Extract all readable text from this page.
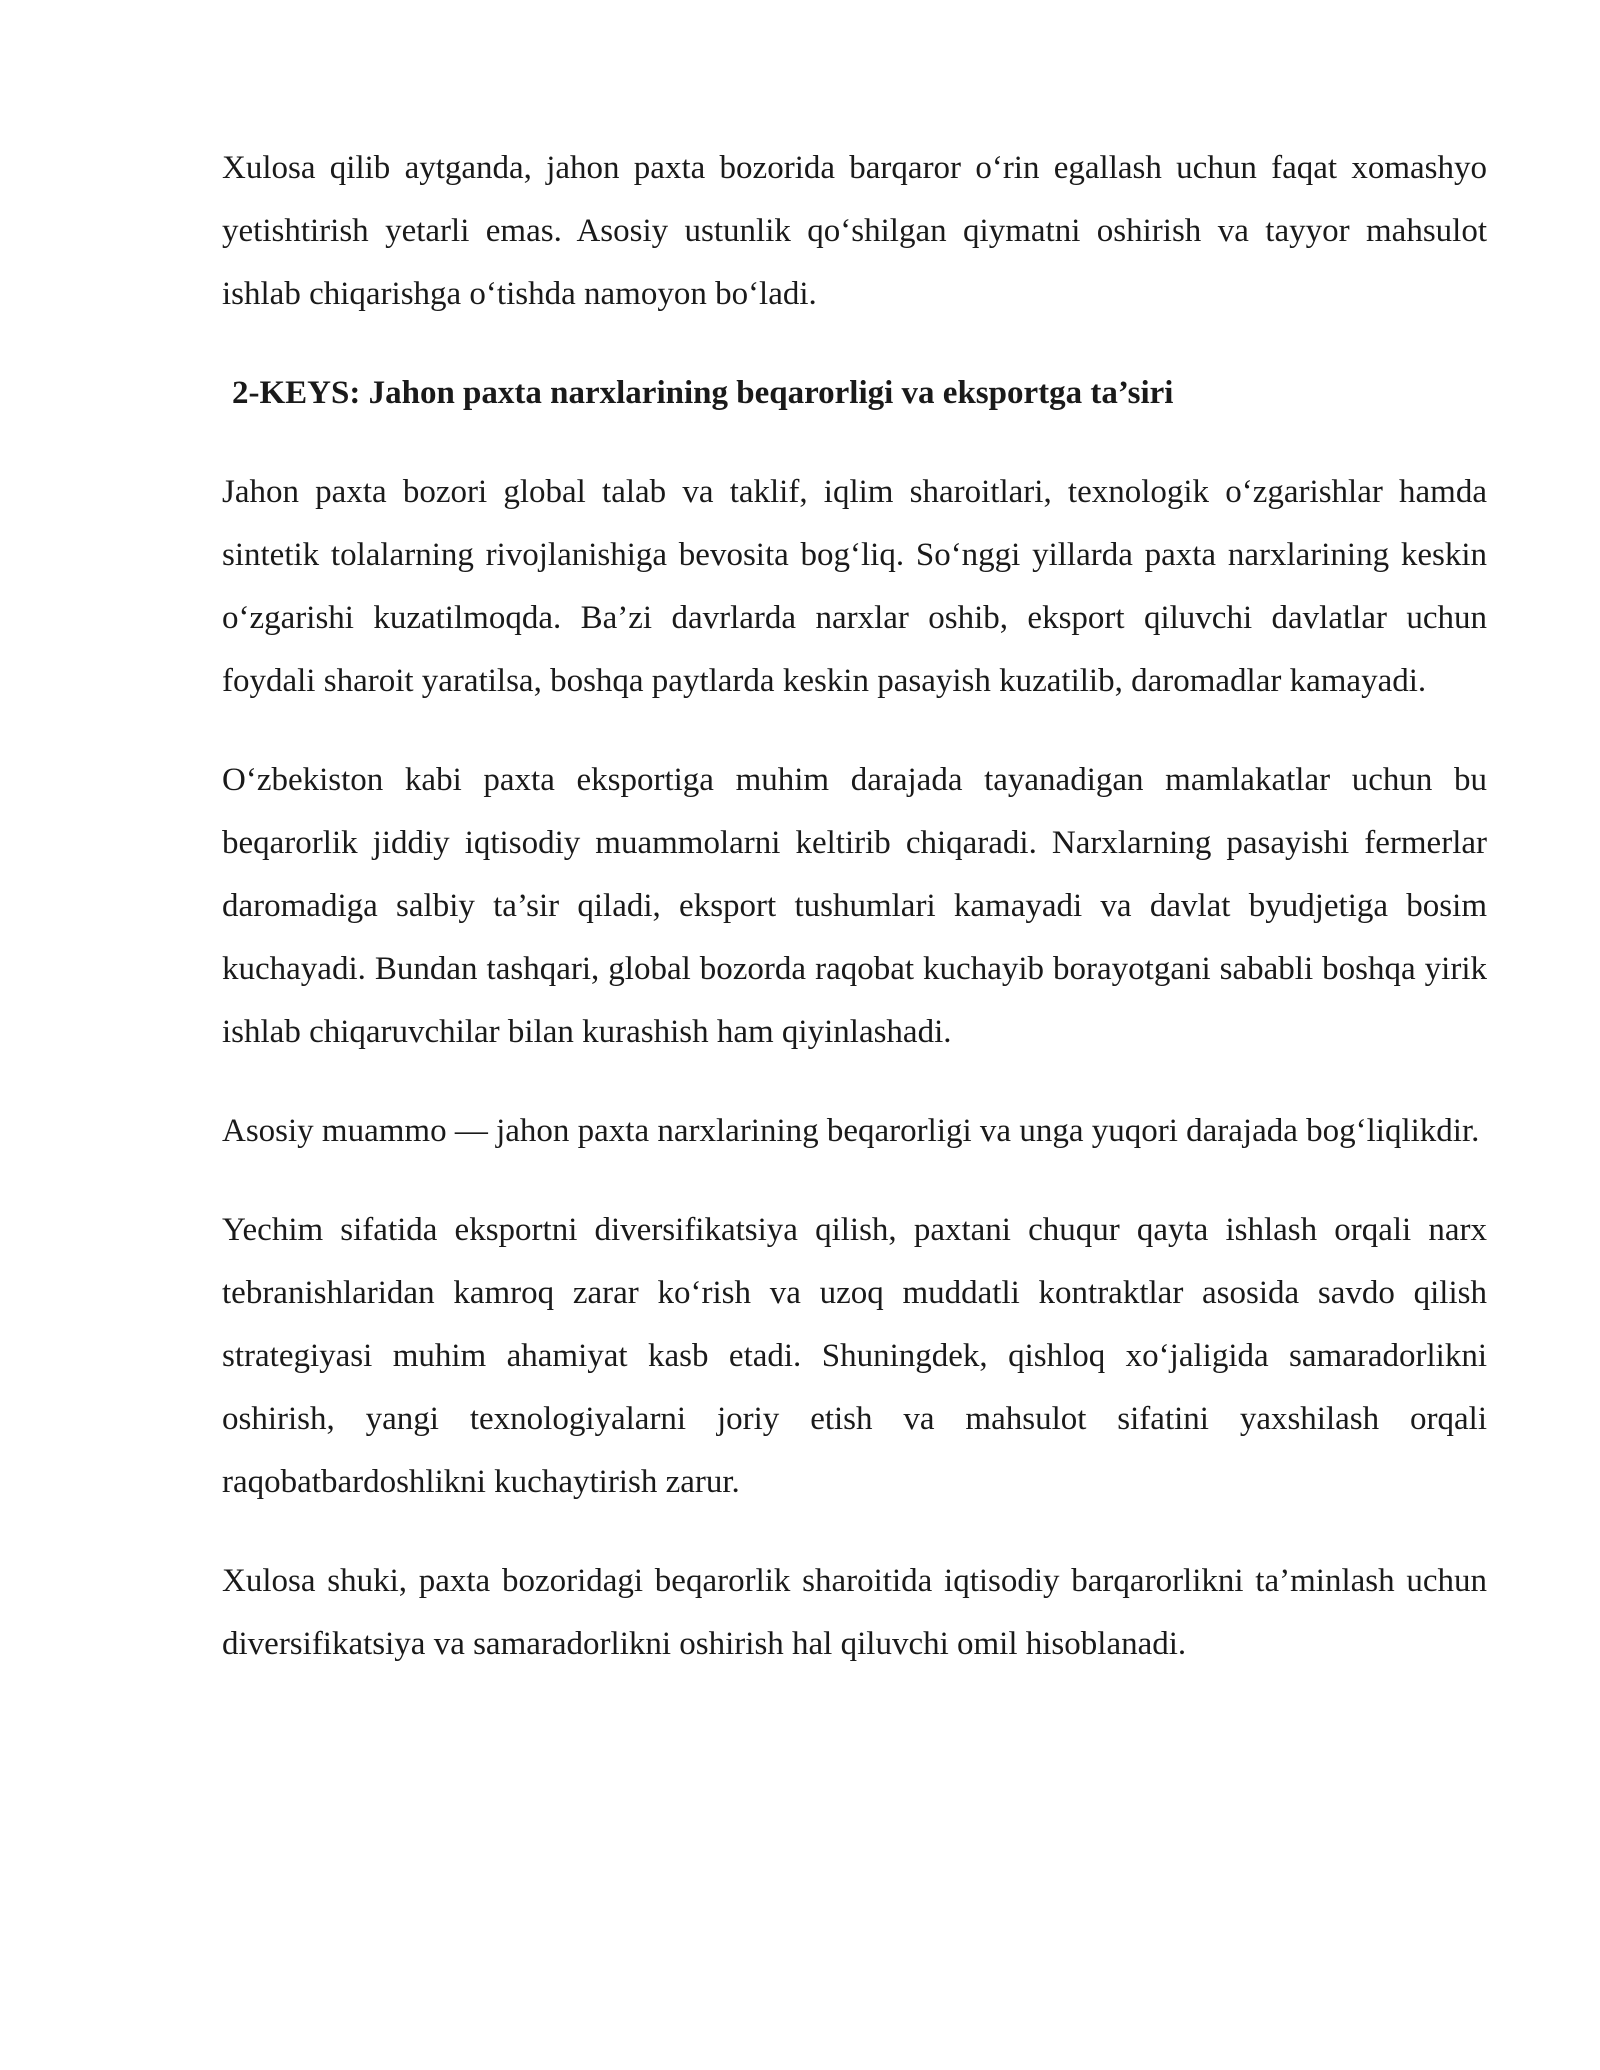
Xulosa qilib aytganda, jahon paxta bozorida barqaror o‘rin egallash uchun faqat xomashyo yetishtirish yetarli emas. Asosiy ustunlik qo‘shilgan qiymatni oshirish va tayyor mahsulot ishlab chiqarishga o‘tishda namoyon bo‘ladi.

2-KEYS: Jahon paxta narxlarining beqarorligi va eksportga ta’siri

Jahon paxta bozori global talab va taklif, iqlim sharoitlari, texnologik o‘zgarishlar hamda sintetik tolalarning rivojlanishiga bevosita bog‘liq. So‘nggi yillarda paxta narxlarining keskin o‘zgarishi kuzatilmoqda. Ba’zi davrlarda narxlar oshib, eksport qiluvchi davlatlar uchun foydali sharoit yaratilsa, boshqa paytlarda keskin pasayish kuzatilib, daromadlar kamayadi.

O‘zbekiston kabi paxta eksportiga muhim darajada tayanadigan mamlakatlar uchun bu beqarorlik jiddiy iqtisodiy muammolarni keltirib chiqaradi. Narxlarning pasayishi fermerlar daromadiga salbiy ta’sir qiladi, eksport tushumlari kamayadi va davlat byudjetiga bosim kuchayadi. Bundan tashqari, global bozorda raqobat kuchayib borayotgani sababli boshqa yirik ishlab chiqaruvchilar bilan kurashish ham qiyinlashadi.

Asosiy muammo — jahon paxta narxlarining beqarorligi va unga yuqori darajada bog‘liqlikdir.

Yechim sifatida eksportni diversifikatsiya qilish, paxtani chuqur qayta ishlash orqali narx tebranishlaridan kamroq zarar ko‘rish va uzoq muddatli kontraktlar asosida savdo qilish strategiyasi muhim ahamiyat kasb etadi. Shuningdek, qishloq xo‘jaligida samaradorlikni oshirish, yangi texnologiyalarni joriy etish va mahsulot sifatini yaxshilash orqali raqobatbardoshlikni kuchaytirish zarur.

Xulosa shuki, paxta bozoridagi beqarorlik sharoitida iqtisodiy barqarorlikni ta’minlash uchun diversifikatsiya va samaradorlikni oshirish hal qiluvchi omil hisoblanadi.
